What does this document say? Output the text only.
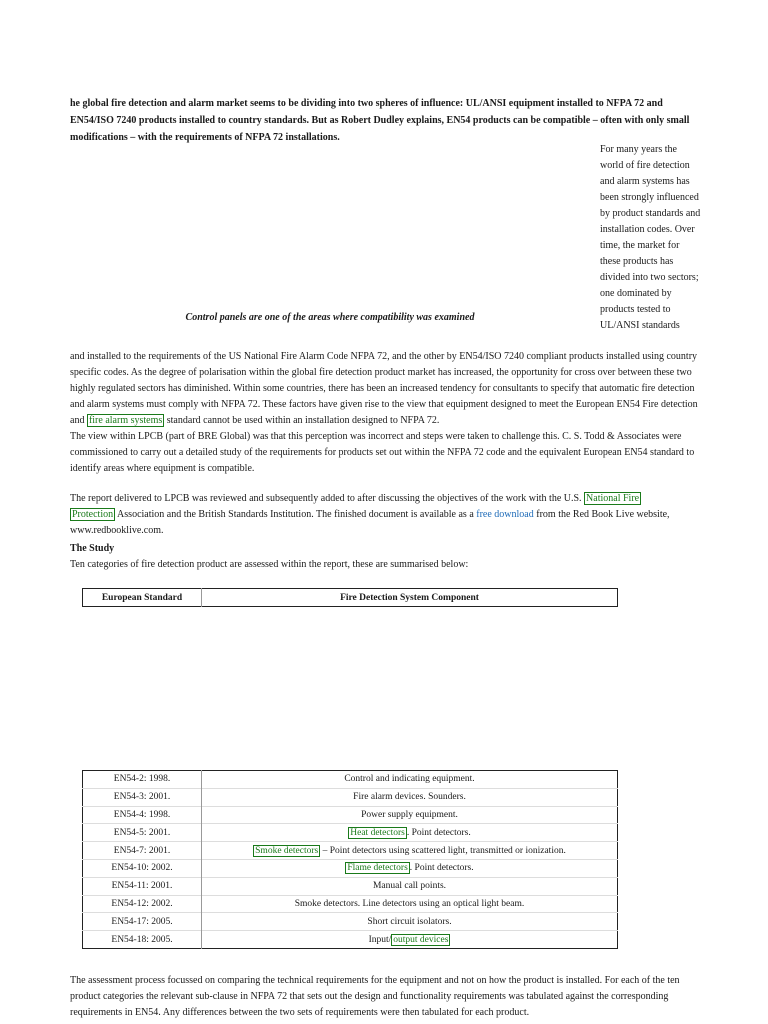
he global fire detection and alarm market seems to be dividing into two spheres of influence: UL/ANSI equipment installed to NFPA 72 and EN54/ISO 7240 products installed to country standards. But as Robert Dudley explains, EN54 products can be compatible – often with only small modifications – with the requirements of NFPA 72 installations.
For many years the world of fire detection and alarm systems has been strongly influenced by product standards and installation codes. Over time, the market for these products has divided into two sectors; one dominated by products tested to UL/ANSI standards
Control panels are one of the areas where compatibility was examined
and installed to the requirements of the US National Fire Alarm Code NFPA 72, and the other by EN54/ISO 7240 compliant products installed using country specific codes. As the degree of polarisation within the global fire detection product market has increased, the opportunity for cross over between these two highly regulated sectors has diminished. Within some countries, there has been an increased tendency for consultants to specify that automatic fire detection and alarm systems must comply with NFPA 72. These factors have given rise to the view that equipment designed to meet the European EN54 Fire detection and fire alarm systems standard cannot be used within an installation designed to NFPA 72.
The view within LPCB (part of BRE Global) was that this perception was incorrect and steps were taken to challenge this. C. S. Todd & Associates were commissioned to carry out a detailed study of the requirements for products set out within the NFPA 72 code and the equivalent European EN54 standard to identify areas where equipment is compatible.
The report delivered to LPCB was reviewed and subsequently added to after discussing the objectives of the work with the U.S. National Fire
Protection Association and the British Standards Institution. The finished document is available as a free download from the Red Book Live website, www.redbooklive.com.
The Study
Ten categories of fire detection product are assessed within the report, these are summarised below:
European Standard	Fire Detection System Component
EN54-2: 1998.	Control and indicating equipment.
EN54-3: 2001.	Fire alarm devices. Sounders.
EN54-4: 1998.	Power supply equipment.
EN54-5: 2001.	Heat detectors . Point detectors.
EN54-7: 2001.	Smoke detectors – Point detectors using scattered light, transmitted or ionization.
EN54-10: 2002.	Flame detectors . Point detectors.
EN54-11: 2001.	Manual call points.
EN54-12: 2002.	Smoke detectors. Line detectors using an optical light beam.
EN54-17: 2005.	Short circuit isolators.
EN54-18: 2005.	Input/ output devices
The assessment process focussed on comparing the technical requirements for the equipment and not on how the product is installed. For each of the ten product categories the relevant sub-clause in NFPA 72 that sets out the design and functionality requirements was tabulated against the corresponding requirements in EN54. Any differences between the two sets of requirements were then tabulated for each product.
